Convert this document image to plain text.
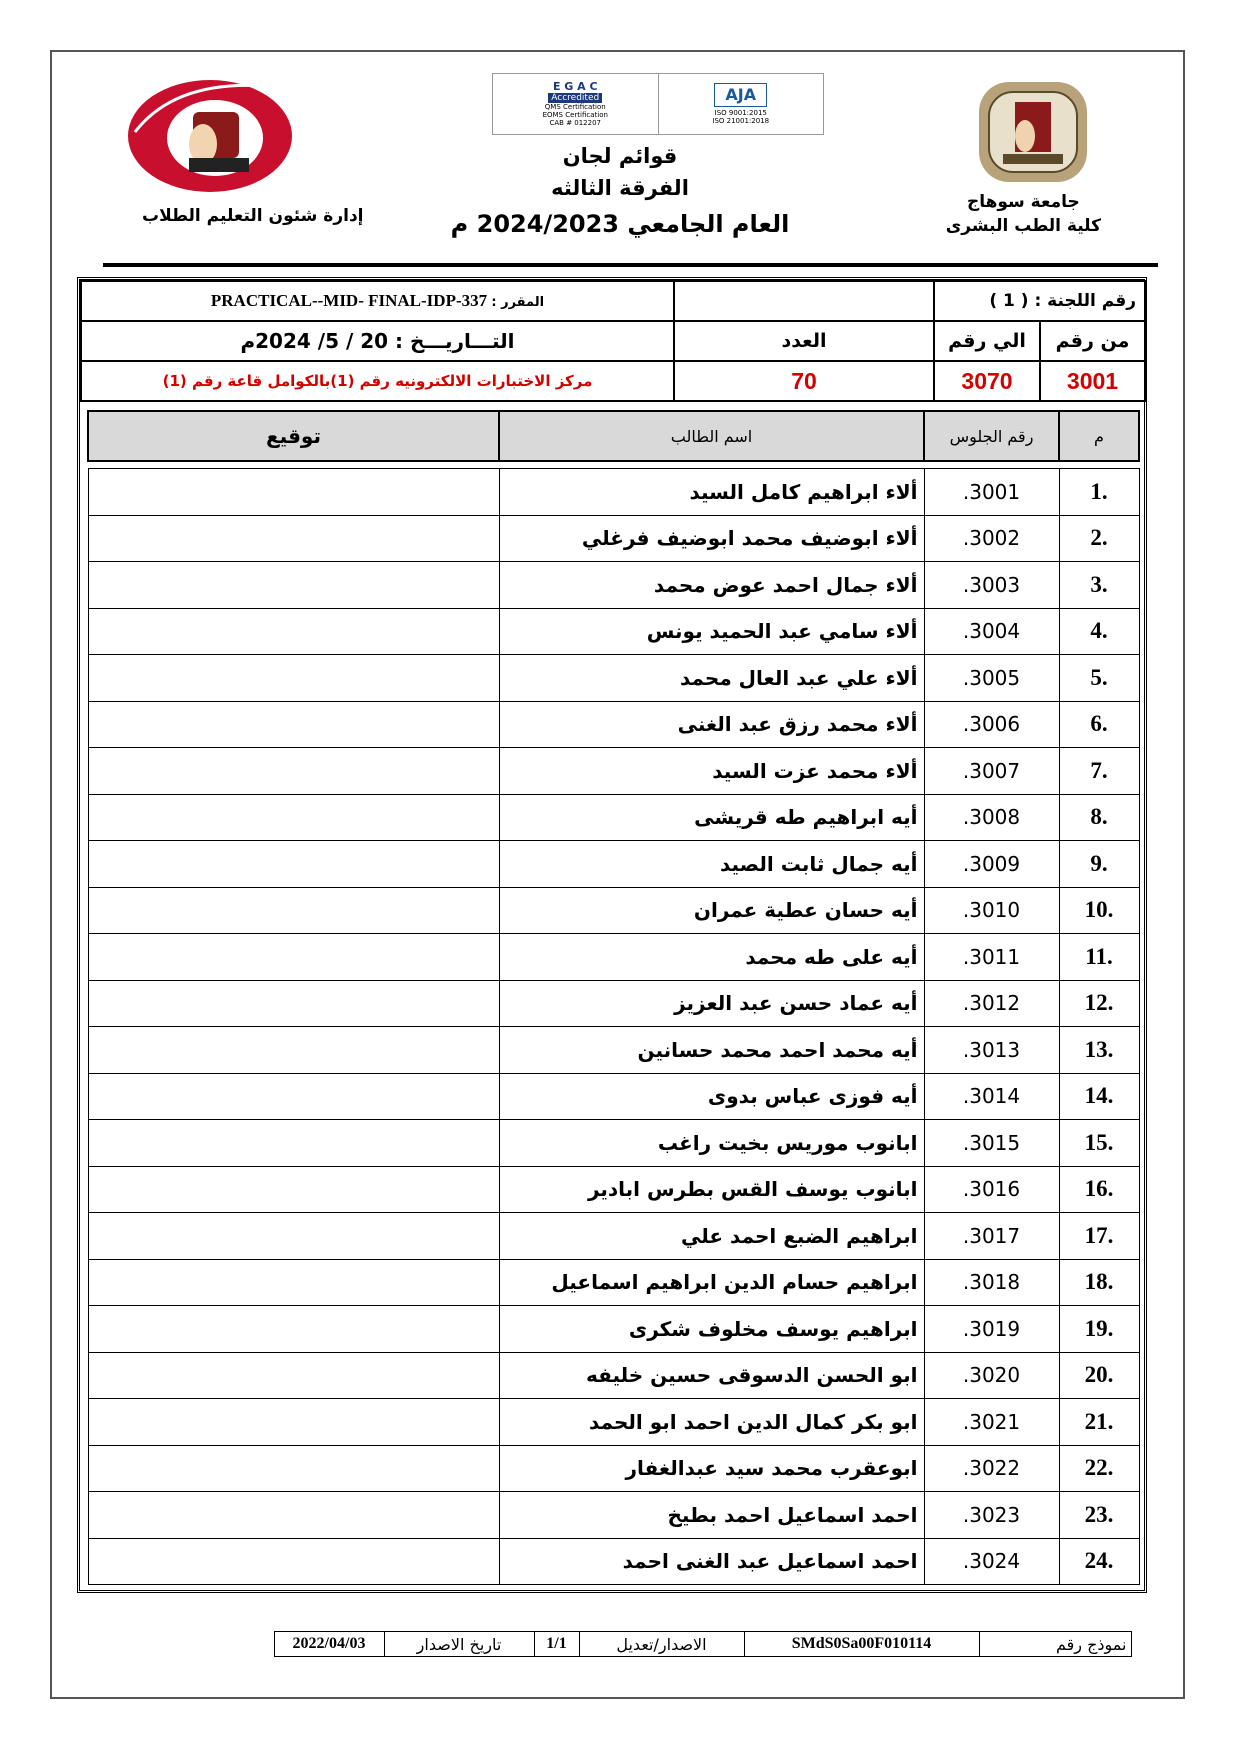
E G A C
Accredited
QMS Certification
EOMS Certification
CAB # 012207
AJA
ISO 9001:2015
ISO 21001:2018
قوائم لجان
الفرقة الثالثه
العام الجامعي 2024/2023 م
جامعة سوهاج
كلية الطب البشرى
إدارة شئون التعليم الطلاب
رقم اللجنة : ( 1 )			المقرر : PRACTICAL--MID- FINAL-IDP-337
من رقم	الي رقم	العدد	التـــاريـــخ : 20 / 5/ 2024م
3001	3070	70	مركز الاختبارات الالكترونيه رقم (1)بالكوامل قاعة رقم (1)
م	رقم الجلوس	اسم الطالب	توقيع

.1	3001.	ألاء ابراهيم كامل السيد	
.2	3002.	ألاء ابوضيف محمد ابوضيف فرغلي	
.3	3003.	ألاء جمال احمد عوض محمد	
.4	3004.	ألاء سامي عبد الحميد يونس	
.5	3005.	ألاء علي عبد العال محمد	
.6	3006.	ألاء محمد رزق عبد الغنى	
.7	3007.	ألاء محمد عزت السيد	
.8	3008.	أيه ابراهيم طه قريشى	
.9	3009.	أيه جمال ثابت الصيد	
.10	3010.	أيه حسان عطية عمران	
.11	3011.	أيه على طه محمد	
.12	3012.	أيه عماد حسن عبد العزيز	
.13	3013.	أيه محمد احمد محمد حسانين	
.14	3014.	أيه فوزى عباس بدوى	
.15	3015.	ابانوب موريس بخيت راغب	
.16	3016.	ابانوب يوسف القس بطرس ابادير	
.17	3017.	ابراهيم الضبع احمد علي	
.18	3018.	ابراهيم حسام الدين ابراهيم اسماعيل	
.19	3019.	ابراهيم يوسف مخلوف شكرى	
.20	3020.	ابو الحسن الدسوقى حسين خليفه	
.21	3021.	ابو بكر كمال الدين احمد ابو الحمد	
.22	3022.	ابوعقرب محمد سيد عبدالغفار	
.23	3023.	احمد اسماعيل احمد بطيخ	
.24	3024.	احمد اسماعيل عبد الغنى احمد	
نموذج رقم	SMdS0Sa00F010114	الاصدار/تعديل	1/1	تاريخ الاصدار	2022/04/03	
